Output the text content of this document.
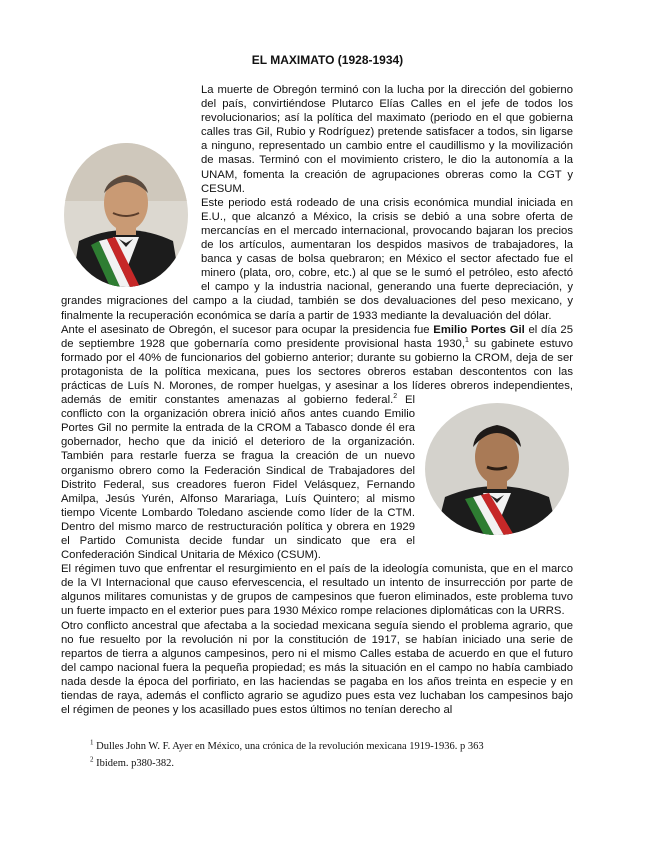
EL MAXIMATO (1928-1934)

La muerte de Obregón terminó con la lucha por la dirección del gobierno del país, convirtiéndose Plutarco Elías Calles en el jefe de todos los revolucionarios; así la política del maximato (periodo en el que gobierna calles tras Gil, Rubio y Rodríguez) pretende satisfacer a todos, sin ligarse a ninguno, representado un cambio entre el caudillismo y la movilización de masas. Terminó con el movimiento cristero, le dio la autonomía a la UNAM, fomenta la creación de agrupaciones obreras como la CGT y CESUM.

Este periodo está rodeado de una crisis económica mundial iniciada en E.U., que alcanzó a México, la crisis se debió a una sobre oferta de mercancías en el mercado internacional, provocando bajaran los precios de los artículos, aumentaran los despidos masivos de trabajadores, la banca y casas de bolsa quebraron; en México el sector afectado fue el minero (plata, oro, cobre, etc.) al que se le sumó el petróleo, esto afectó el campo y la industria nacional, generando una fuerte depreciación, y grandes migraciones del campo a la ciudad, también se dos devaluaciones del peso mexicano, y finalmente la recuperación económica se daría a partir de 1933 mediante la devaluación del dólar.

Ante el asesinato de Obregón, el sucesor para ocupar la presidencia fue Emilio Portes Gil el día 25 de septiembre 1928 que gobernaría como presidente provisional hasta 1930,$^1$ su gabinete estuvo formado por el 40% de funcionarios del gobierno anterior; durante su gobierno la CROM, deja de ser protagonista de la política mexicana, pues los sectores obreros estaban descontentos con las prácticas de Luís N. Morones, de romper huelgas, y asesinar a los líderes obreros independientes, además de emitir constantes amenazas al gobierno federal.$^2$
El conflicto con la organización obrera inició años antes cuando Emilio Portes Gil no permite la entrada de la CROM a Tabasco donde él era gobernador, hecho que da inició el deterioro de la organización. También para restarle fuerza se fragua la creación de un nuevo organismo obrero como la Federación Sindical de Trabajadores del Distrito Federal, sus creadores fueron Fidel Velásquez, Fernando Amilpa, Jesús Yurén, Alfonso Marariaga, Luís Quintero; al mismo tiempo Vicente Lombardo Toledano asciende como líder de la CTM. Dentro del mismo marco de restructuración política y obrera en 1929 el Partido Comunista decide fundar un sindicato que era el Confederación Sindical Unitaria de México (CSUM).

El régimen tuvo que enfrentar el resurgimiento en el país de la ideología comunista, que en el marco de la VI Internacional que causo efervescencia, el resultado un intento de insurrección por parte de algunos militares comunistas y de grupos de campesinos que fueron eliminados, este problema tuvo un fuerte impacto en el exterior pues para 1930 México rompe relaciones diplomáticas con la URRS.

Otro conflicto ancestral que afectaba a la sociedad mexicana seguía siendo el problema agrario, que no fue resuelto por la revolución ni por la constitución de 1917, se habían iniciado una serie de repartos de tierra a algunos campesinos, pero ni el mismo Calles estaba de acuerdo en que el futuro del campo nacional fuera la pequeña propiedad; es más la situación en el campo no había cambiado nada desde la época del porfiriato, en las haciendas se pagaba en los años treinta en especie y en tiendas de raya, además el conflicto agrario se agudizo pues esta vez luchaban los campesinos bajo el régimen de peones y los acasillado pues estos últimos no tenían derecho al

$^1$ Dulles John W. F. Ayer en México, una crónica de la revolución mexicana 1919-1936. p 363
$^2$ Ibidem. p380-382.
